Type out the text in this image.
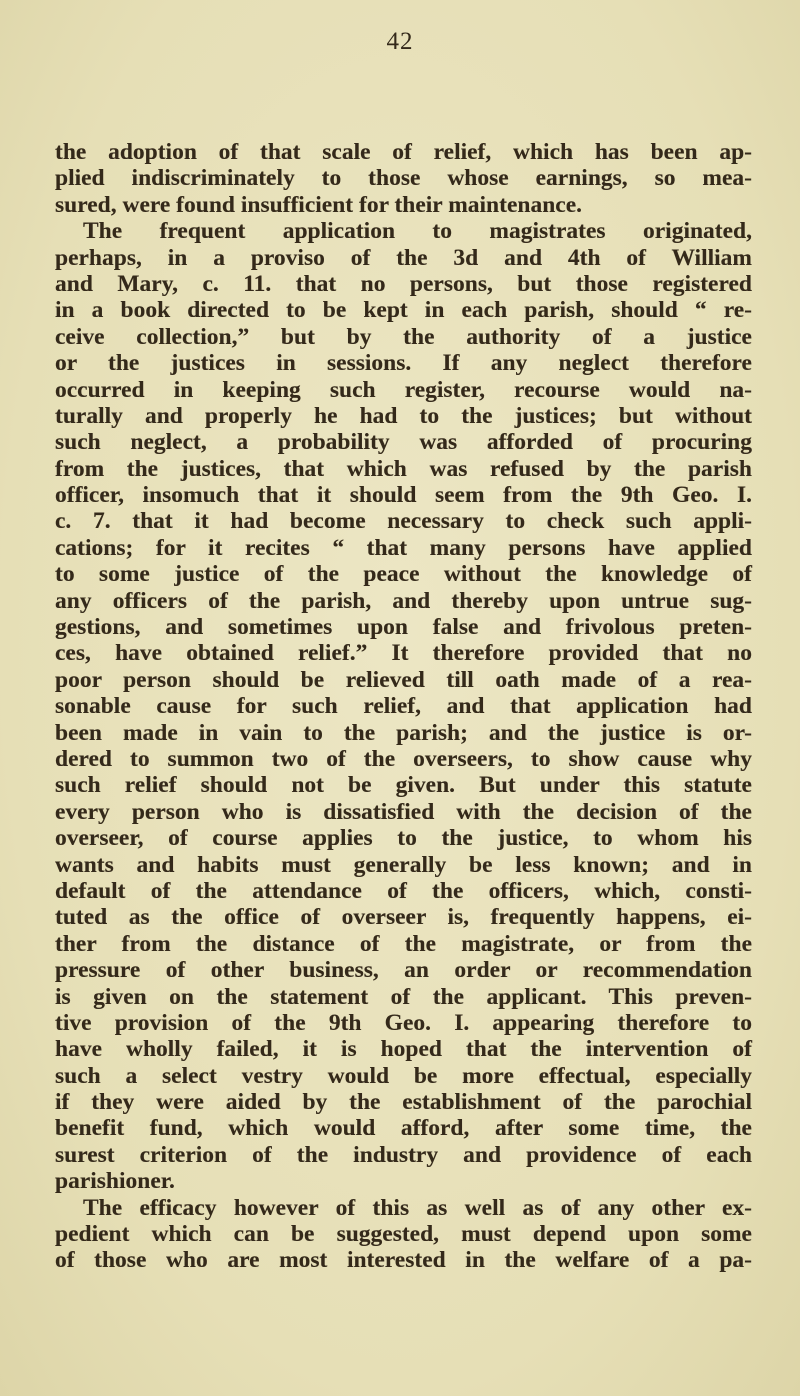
42
the adoption of that scale of relief, which has been ap-
plied indiscriminately to those whose earnings, so mea-
sured, were found insufficient for their maintenance.
The frequent application to magistrates originated,
perhaps, in a proviso of the 3d and 4th of William
and Mary, c. 11. that no persons, but those registered
in a book directed to be kept in each parish, should “ re-
ceive collection,” but by the authority of a justice
or the justices in sessions. If any neglect therefore
occurred in keeping such register, recourse would na-
turally and properly he had to the justices; but without
such neglect, a probability was afforded of procuring
from the justices, that which was refused by the parish
officer, insomuch that it should seem from the 9th Geo. I.
c. 7. that it had become necessary to check such appli-
cations; for it recites “ that many persons have applied
to some justice of the peace without the knowledge of
any officers of the parish, and thereby upon untrue sug-
gestions, and sometimes upon false and frivolous preten-
ces, have obtained relief.” It therefore provided that no
poor person should be relieved till oath made of a rea-
sonable cause for such relief, and that application had
been made in vain to the parish; and the justice is or-
dered to summon two of the overseers, to show cause why
such relief should not be given. But under this statute
every person who is dissatisfied with the decision of the
overseer, of course applies to the justice, to whom his
wants and habits must generally be less known; and in
default of the attendance of the officers, which, consti-
tuted as the office of overseer is, frequently happens, ei-
ther from the distance of the magistrate, or from the
pressure of other business, an order or recommendation
is given on the statement of the applicant. This preven-
tive provision of the 9th Geo. I. appearing therefore to
have wholly failed, it is hoped that the intervention of
such a select vestry would be more effectual, especially
if they were aided by the establishment of the parochial
benefit fund, which would afford, after some time, the
surest criterion of the industry and providence of each
parishioner.
The efficacy however of this as well as of any other ex-
pedient which can be suggested, must depend upon some
of those who are most interested in the welfare of a pa-
